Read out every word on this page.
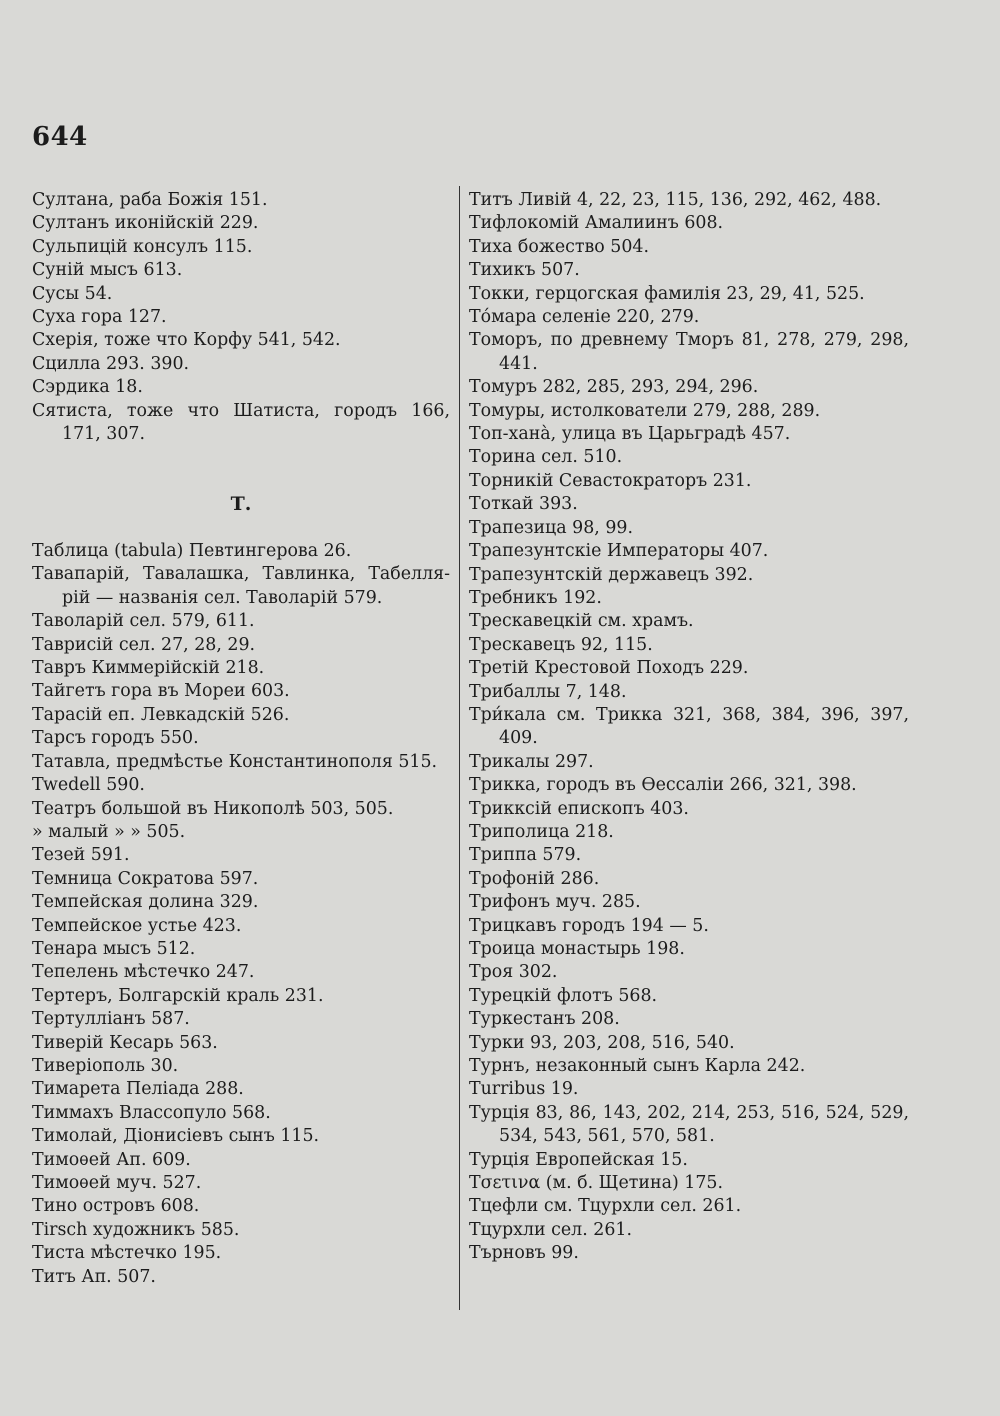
644
Султана, раба Божія 151.
Султанъ иконійскій 229.
Сульпицій консулъ 115.
Суній мысъ 613.
Сусы 54.
Суха гора 127.
Схерія, тоже что Корфу 541, 542.
Сцилла 293. 390.
Сэрдика 18.
Сятиста, тоже что Шатиста, городъ 166, 171, 307.
Т.
Таблица (tabula) Певтингерова 26.
Тавапарій, Тавалашка, Тавлинка, Табелля-рій — названія сел. Таволарій 579.
Таволарій сел. 579, 611.
Таврисій сел. 27, 28, 29.
Тавръ Киммерійскій 218.
Тайгетъ гора въ Мореи 603.
Тарасій еп. Левкадскій 526.
Тарсъ городъ 550.
Татавла, предмѣстье Константинополя 515.
Twedell 590.
Театръ большой въ Никополѣ 503, 505.
» малый » » 505.
Тезей 591.
Темница Сократова 597.
Темпейская долина 329.
Темпейское устье 423.
Тенара мысъ 512.
Тепелень мѣстечко 247.
Тертеръ, Болгарскій краль 231.
Тертулліанъ 587.
Тиверій Кесарь 563.
Тиверіополь 30.
Тимарета Пеліада 288.
Тиммахъ Влассопуло 568.
Тимолай, Діонисіевъ сынъ 115.
Тимоѳей Ап. 609.
Тимоѳей муч. 527.
Тино островъ 608.
Tirsch художникъ 585.
Тиста мѣстечко 195.
Титъ Ап. 507.
Титъ Ливій 4, 22, 23, 115, 136, 292, 462, 488.
Тифлокомій Амалиинъ 608.
Тиха божество 504.
Тихикъ 507.
Токки, герцогская фамилія 23, 29, 41, 525.
То́мара селеніе 220, 279.
Томоръ, по древнему Тморъ 81, 278, 279, 298, 441.
Томуръ 282, 285, 293, 294, 296.
Томуры, истолкователи 279, 288, 289.
Топ-хана̀, улица въ Царьградѣ 457.
Торина сел. 510.
Торникій Севастократоръ 231.
Тоткай 393.
Трапезица 98, 99.
Трапезунтскіе Императоры 407.
Трапезунтскій державецъ 392.
Требникъ 192.
Трескавецкій см. храмъ.
Трескавецъ 92, 115.
Третій Крестовой Походъ 229.
Трибаллы 7, 148.
Три́кала см. Трикка 321, 368, 384, 396, 397, 409.
Трикалы 297.
Трикка, городъ въ Ѳессаліи 266, 321, 398.
Трикксій епископъ 403.
Триполица 218.
Триппа 579.
Трофоній 286.
Трифонъ муч. 285.
Трицкавъ городъ 194 — 5.
Троица монастырь 198.
Троя 302.
Турецкій флотъ 568.
Туркестанъ 208.
Турки 93, 203, 208, 516, 540.
Турнъ, незаконный сынъ Карла 242.
Turribus 19.
Турція 83, 86, 143, 202, 214, 253, 516, 524, 529, 534, 543, 561, 570, 581.
Турція Европейская 15.
Τσετινα (м. б. Щетина) 175.
Тцефли см. Тцурхли сел. 261.
Тцурхли сел. 261.
Търновъ 99.
